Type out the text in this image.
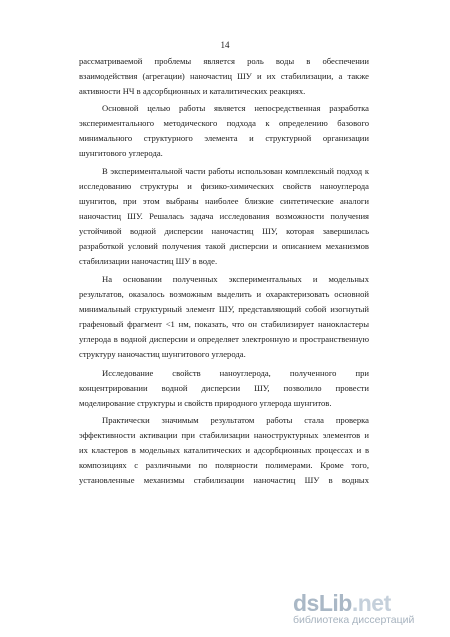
14
рассматриваемой проблемы является роль воды в обеспечении
взаимодействия (агрегации) наночастиц ШУ и их стабилизации, а также
активности НЧ в адсорбционных и каталитических реакциях.
Основной целью работы является непосредственная разработка
экспериментального методического подхода к определению базового
минимального структурного элемента и структурной организации
шунгитового углерода.
В экспериментальной части работы использован комплексный подход к
исследованию структуры и физико-химических свойств наноуглерода
шунгитов, при этом выбраны наиболее близкие синтетические аналоги
наночастиц ШУ. Решалась задача исследования возможности получения
устойчивой водной дисперсии наночастиц ШУ, которая завершилась
разработкой условий получения такой дисперсии и описанием механизмов
стабилизации наночастиц ШУ в воде.
На основании полученных экспериментальных и модельных
результатов, оказалось возможным выделить и охарактеризовать основной
минимальный структурный элемент ШУ, представляющий собой изогнутый
графеновый фрагмент <1 нм, показать, что он стабилизирует нанокластеры
углерода в водной дисперсии и определяет электронную и пространственную
структуру наночастиц шунгитового углерода.
Исследование свойств наноуглерода, полученного при
концентрировании водной дисперсии ШУ, позволило провести
моделирование структуры и свойств природного углерода шунгитов.
Практически значимым результатом работы стала проверка
эффективности активации при стабилизации наноструктурных элементов и
их кластеров в модельных каталитических и адсорбционных процессах и в
композициях с различными по полярности полимерами. Кроме того,
установленные механизмы стабилизации наночастиц ШУ в водных
dsLib.net
библиотека диссертаций
